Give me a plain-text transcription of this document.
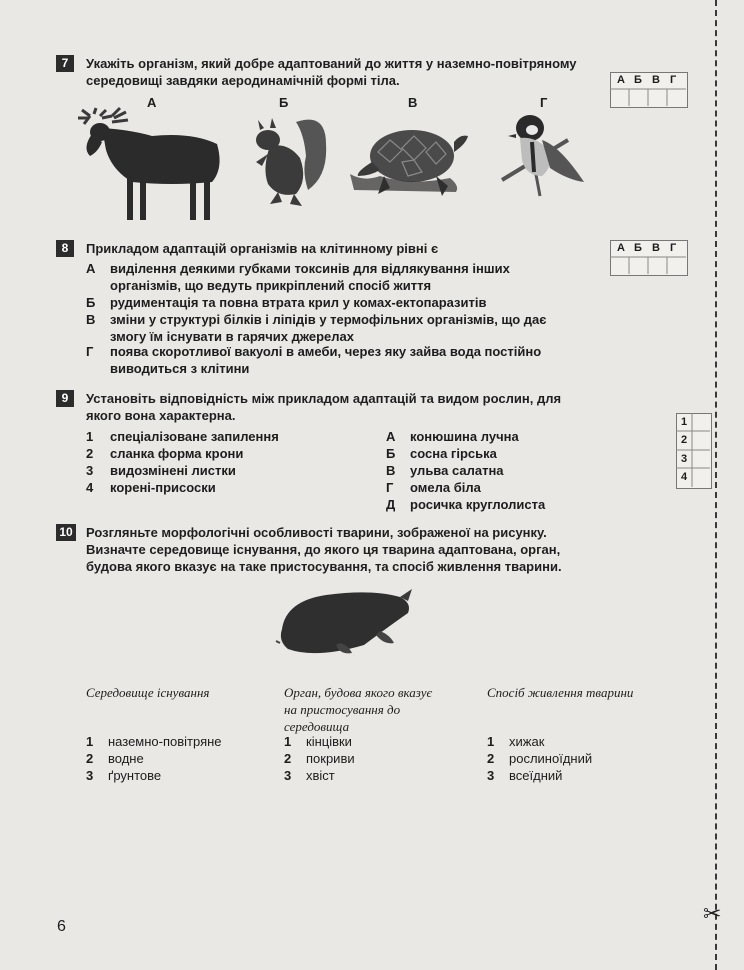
✂
7	Укажіть організм, який добре адаптований до життя у наземно-повітряному
середовищі завдяки аеродинамічній формі тіла.	А Б В Г
А	Б	В	Г
8	Прикладом адаптацій організмів на клітинному рівні є	А Б В Г
А виділення деякими губками токсинів для відлякування інших
організмів, що ведуть прикріплений спосіб життя
Б рудиментація та повна втрата крил у комах-ектопаразитів
В зміни у структурі білків і ліпідів у термофільних організмів, що дає
змогу їм існувати в гарячих джерелах
Г поява скоротливої вакуолі в амеби, через яку зайва вода постійно
виводиться з клітини
9	Установіть відповідність між прикладом адаптацій та видом рослин, для
якого вона характерна.
1 спеціалізоване запилення
2 сланка форма крони
3 видозмінені листки
4 корені-присоски
А конюшина лучна
Б сосна гірська
В ульва салатна
Г омела біла
Д росичка круглолиста
1
2
3
4
10 Розгляньте морфологічні особливості тварини, зображеної на рисунку.
Визначте середовище існування, до якого ця тварина адаптована, орган,
будова якого вказує на таке пристосування, та спосіб живлення тварини.
Середовище існування	Орган, будова якого вказує
на пристосування до
середовища
Спосіб живлення тварини
1 наземно-повітряне
2 водне
3 ґрунтове
1 кінцівки
2 покриви
3 хвіст
1 хижак
2 рослиноїдний
3 всеїдний
6
